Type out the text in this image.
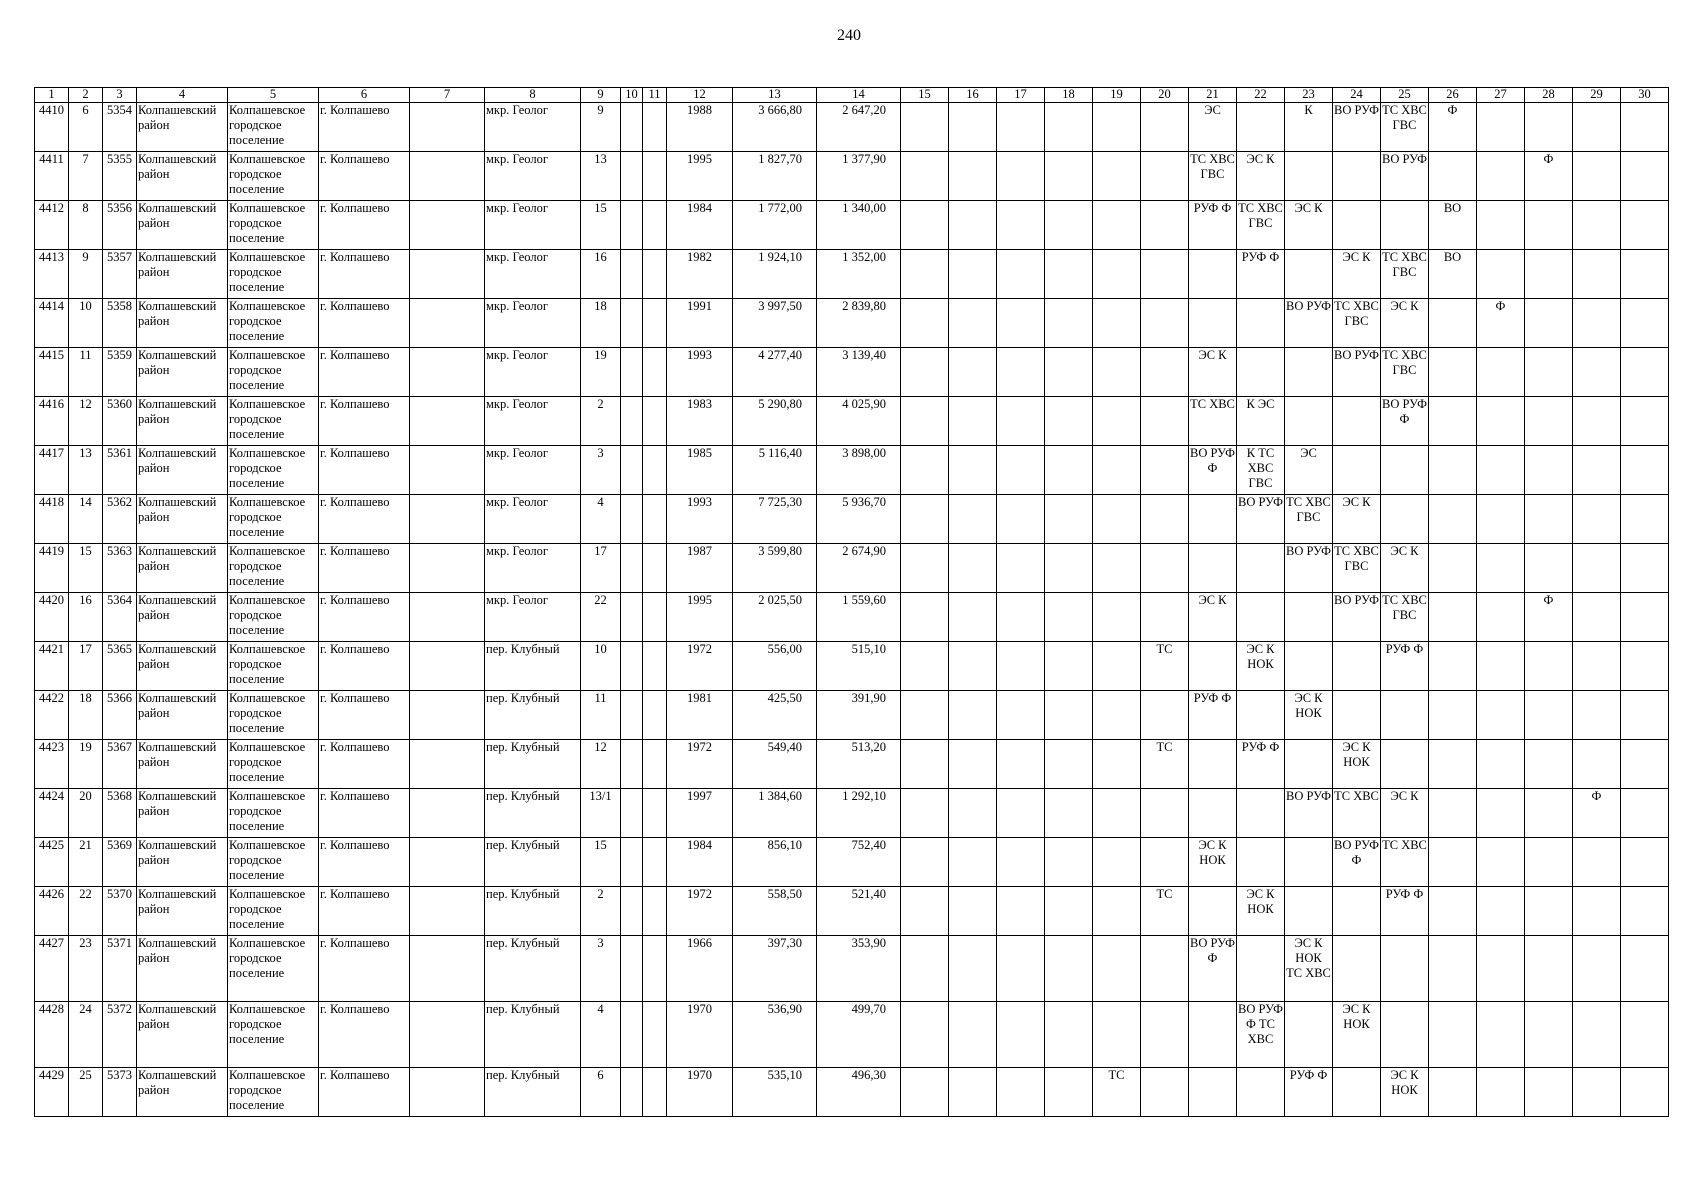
240
1	2	3	4	5	6	7	8	9	10	11	12	13	14	15	16	17	18	19	20	21	22	23	24	25	26	27	28	29	30
4410	6	5354	Колпашевский район	Колпашевское городское поселение	г. Колпашево		мкр. Геолог	9			1988	3 666,80	2 647,20							ЭС		К	ВО РУФ	ТС ХВС ГВС	Ф				
4411	7	5355	Колпашевский район	Колпашевское городское поселение	г. Колпашево		мкр. Геолог	13			1995	1 827,70	1 377,90							ТС ХВС ГВС	ЭС К			ВО РУФ			Ф		
4412	8	5356	Колпашевский район	Колпашевское городское поселение	г. Колпашево		мкр. Геолог	15			1984	1 772,00	1 340,00							РУФ Ф	ТС ХВС ГВС	ЭС К			ВО				
4413	9	5357	Колпашевский район	Колпашевское городское поселение	г. Колпашево		мкр. Геолог	16			1982	1 924,10	1 352,00								РУФ Ф		ЭС К	ТС ХВС ГВС	ВО				
4414	10	5358	Колпашевский район	Колпашевское городское поселение	г. Колпашево		мкр. Геолог	18			1991	3 997,50	2 839,80									ВО РУФ	ТС ХВС ГВС	ЭС К		Ф			
4415	11	5359	Колпашевский район	Колпашевское городское поселение	г. Колпашево		мкр. Геолог	19			1993	4 277,40	3 139,40							ЭС К			ВО РУФ	ТС ХВС ГВС					
4416	12	5360	Колпашевский район	Колпашевское городское поселение	г. Колпашево		мкр. Геолог	2			1983	5 290,80	4 025,90							ТС ХВС	К ЭС			ВО РУФ Ф					
4417	13	5361	Колпашевский район	Колпашевское городское поселение	г. Колпашево		мкр. Геолог	3			1985	5 116,40	3 898,00							ВО РУФ Ф	К ТС ХВС ГВС	ЭС							
4418	14	5362	Колпашевский район	Колпашевское городское поселение	г. Колпашево		мкр. Геолог	4			1993	7 725,30	5 936,70								ВО РУФ	ТС ХВС ГВС	ЭС К						
4419	15	5363	Колпашевский район	Колпашевское городское поселение	г. Колпашево		мкр. Геолог	17			1987	3 599,80	2 674,90									ВО РУФ	ТС ХВС ГВС	ЭС К					
4420	16	5364	Колпашевский район	Колпашевское городское поселение	г. Колпашево		мкр. Геолог	22			1995	2 025,50	1 559,60							ЭС К			ВО РУФ	ТС ХВС ГВС			Ф		
4421	17	5365	Колпашевский район	Колпашевское городское поселение	г. Колпашево		пер. Клубный	10			1972	556,00	515,10						ТС		ЭС К НОК			РУФ Ф					
4422	18	5366	Колпашевский район	Колпашевское городское поселение	г. Колпашево		пер. Клубный	11			1981	425,50	391,90							РУФ Ф		ЭС К НОК							
4423	19	5367	Колпашевский район	Колпашевское городское поселение	г. Колпашево		пер. Клубный	12			1972	549,40	513,20						ТС		РУФ Ф		ЭС К НОК						
4424	20	5368	Колпашевский район	Колпашевское городское поселение	г. Колпашево		пер. Клубный	13/1			1997	1 384,60	1 292,10									ВО РУФ	ТС ХВС	ЭС К				Ф	
4425	21	5369	Колпашевский район	Колпашевское городское поселение	г. Колпашево		пер. Клубный	15			1984	856,10	752,40							ЭС К НОК			ВО РУФ Ф	ТС ХВС					
4426	22	5370	Колпашевский район	Колпашевское городское поселение	г. Колпашево		пер. Клубный	2			1972	558,50	521,40						ТС		ЭС К НОК			РУФ Ф					
4427	23	5371	Колпашевский район	Колпашевское городское поселение	г. Колпашево		пер. Клубный	3			1966	397,30	353,90							ВО РУФ Ф		ЭС К НОК ТС ХВС							
4428	24	5372	Колпашевский район	Колпашевское городское поселение	г. Колпашево		пер. Клубный	4			1970	536,90	499,70								ВО РУФ Ф ТС ХВС		ЭС К НОК						
4429	25	5373	Колпашевский район	Колпашевское городское поселение	г. Колпашево		пер. Клубный	6			1970	535,10	496,30					ТС				РУФ Ф		ЭС К НОК					
